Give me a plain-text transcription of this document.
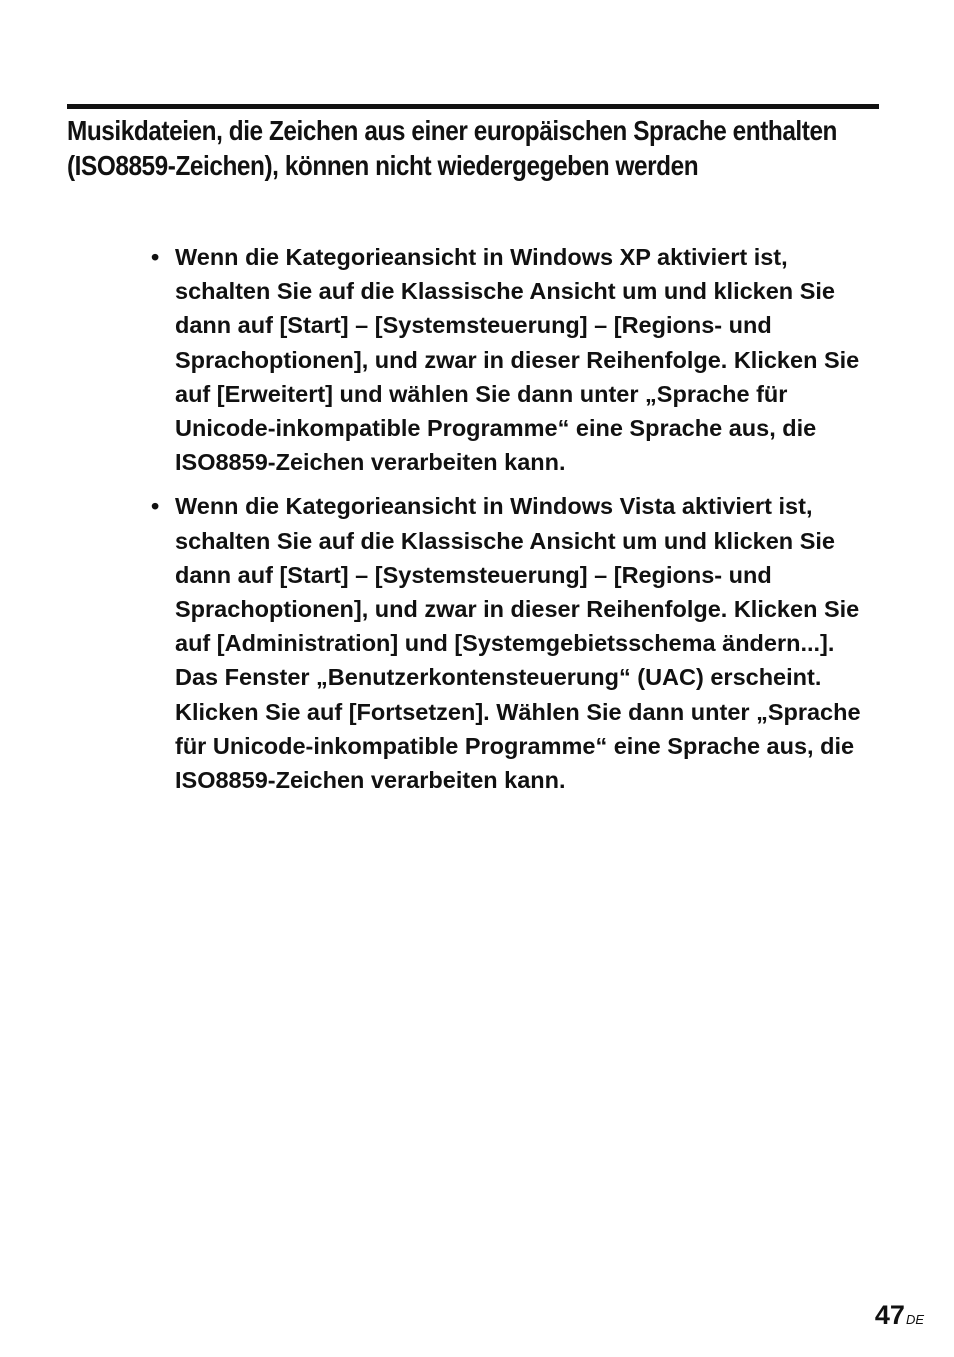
Musikdateien, die Zeichen aus einer europäischen Sprache enthalten (ISO8859-Zeichen), können nicht wiedergegeben werden
• Wenn die Kategorieansicht in Windows XP aktiviert ist, schalten Sie auf die Klassische Ansicht um und klicken Sie dann auf [Start] – [Systemsteuerung] – [Regions- und Sprachoptionen], und zwar in dieser Reihenfolge. Klicken Sie auf [Erweitert] und wählen Sie dann unter „Sprache für Unicode-inkompatible Programme“ eine Sprache aus, die ISO8859-Zeichen verarbeiten kann.
• Wenn die Kategorieansicht in Windows Vista aktiviert ist, schalten Sie auf die Klassische Ansicht um und klicken Sie dann auf [Start] – [Systemsteuerung] – [Regions- und Sprachoptionen], und zwar in dieser Reihenfolge. Klicken Sie auf [Administration] und [Systemgebietsschema ändern...]. Das Fenster „Benutzerkontensteuerung“ (UAC) erscheint. Klicken Sie auf [Fortsetzen]. Wählen Sie dann unter „Sprache für Unicode-inkompatible Programme“ eine Sprache aus, die ISO8859-Zeichen verarbeiten kann.
47DE
